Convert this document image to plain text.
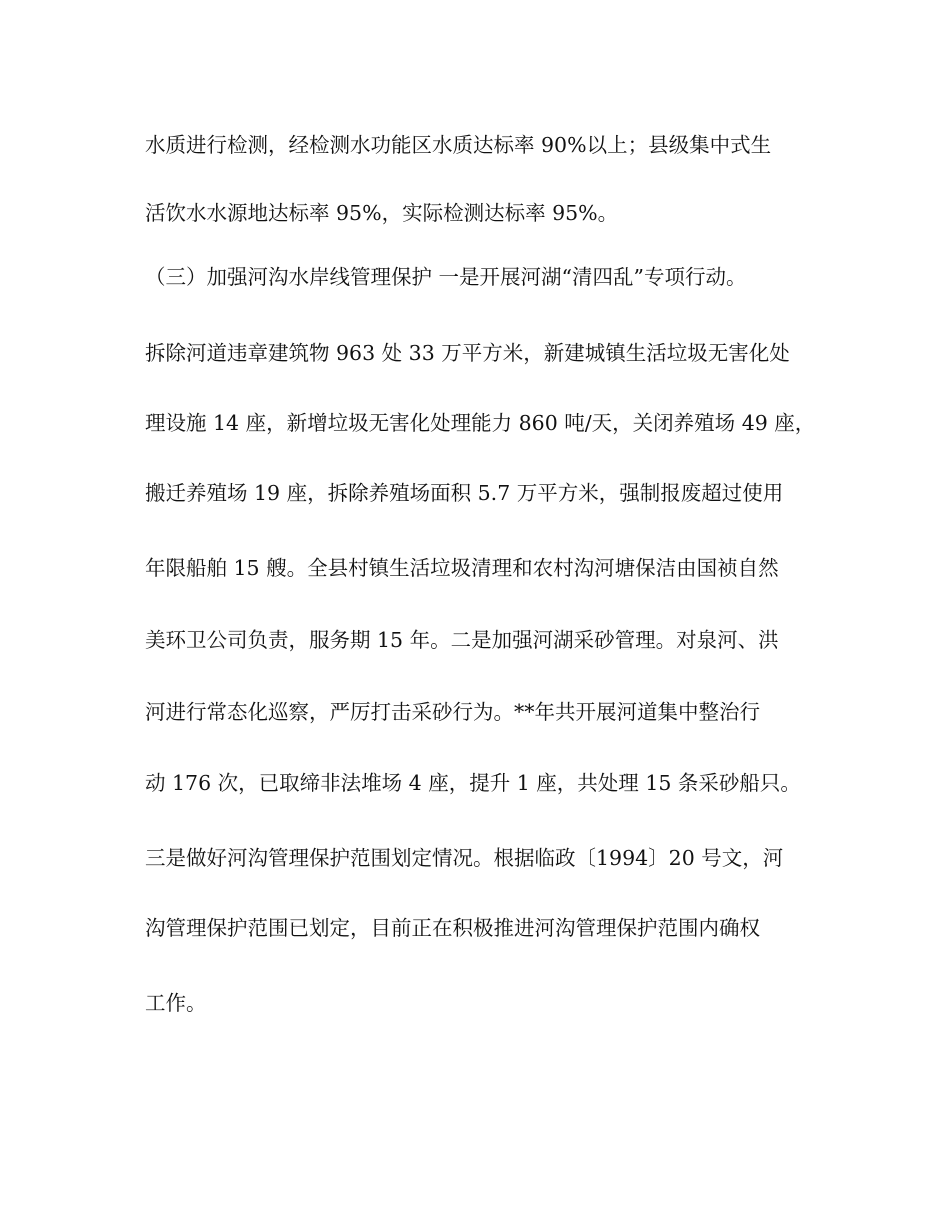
水质进行检测，经检测水功能区水质达标率 90%以上；县级集中式生
活饮水水源地达标率 95%，实际检测达标率 95%。
（三）加强河沟水岸线管理保护 一是开展河湖“清四乱”专项行动。
拆除河道违章建筑物 963 处 33 万平方米，新建城镇生活垃圾无害化处
理设施 14 座，新增垃圾无害化处理能力 860 吨/天，关闭养殖场 49 座，
搬迁养殖场 19 座，拆除养殖场面积 5.7 万平方米，强制报废超过使用
年限船舶 15 艘。全县村镇生活垃圾清理和农村沟河塘保洁由国祯自然
美环卫公司负责，服务期 15 年。二是加强河湖采砂管理。对泉河、洪
河进行常态化巡察，严厉打击采砂行为。**年共开展河道集中整治行
动 176 次，已取缔非法堆场 4 座，提升 1 座，共处理 15 条采砂船只。
三是做好河沟管理保护范围划定情况。根据临政〔1994〕20 号文，河
沟管理保护范围已划定，目前正在积极推进河沟管理保护范围内确权
工作。
